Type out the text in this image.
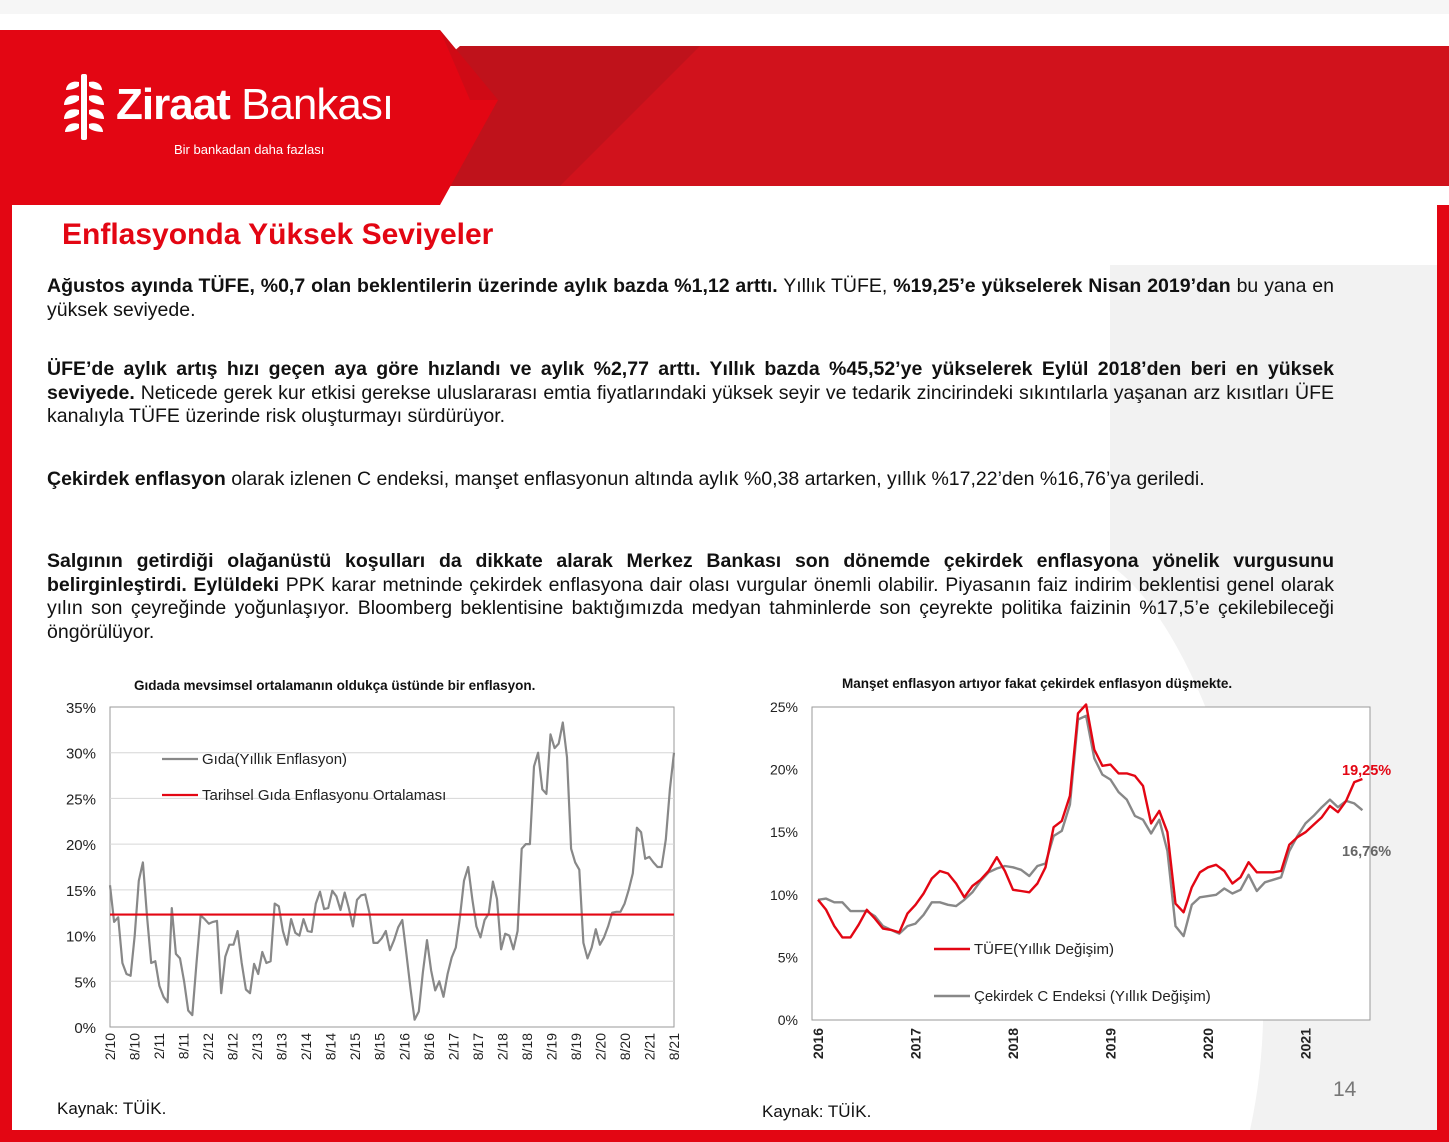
Ziraat Bankası
Bir bankadan daha fazlası
Enflasyonda Yüksek Seviyeler
Ağustos ayında TÜFE, %0,7 olan beklentilerin üzerinde aylık bazda %1,12 arttı. Yıllık TÜFE, %19,25’e yükselerek Nisan 2019’dan bu yana en yüksek seviyede.
ÜFE’de aylık artış hızı geçen aya göre hızlandı ve aylık %2,77 arttı. Yıllık bazda %45,52’ye yükselerek Eylül 2018’den beri en yüksek seviyede. Neticede gerek kur etkisi gerekse uluslararası emtia fiyatlarındaki yüksek seyir ve tedarik zincirindeki sıkıntılarla yaşanan arz kısıtları ÜFE kanalıyla TÜFE üzerinde risk oluşturmayı sürdürüyor.
Çekirdek enflasyon olarak izlenen C endeksi, manşet enflasyonun altında aylık %0,38 artarken, yıllık %17,22’den %16,76’ya geriledi.
Salgının getirdiği olağanüstü koşulları da dikkate alarak Merkez Bankası son dönemde çekirdek enflasyona yönelik vurgusunu belirginleştirdi. Eylüldeki PPK karar metninde çekirdek enflasyona dair olası vurgular önemli olabilir. Piyasanın faiz indirim beklentisi genel olarak yılın son çeyreğinde yoğunlaşıyor. Bloomberg beklentisine baktığımızda medyan tahminlerde son çeyrekte politika faizinin %17,5’e çekilebileceği öngörülüyor.
Gıdada mevsimsel ortalamanın oldukça üstünde bir enflasyon.	Manşet enflasyon artıyor fakat çekirdek enflasyon düşmekte.
0%
5%
10%
15%
20%
25%
30%
35%
2/10 8/10 2/11 8/11 2/12 8/12 2/13 8/13 2/14 8/14 2/15 8/15 2/16 8/16 2/17 8/17 2/18 8/18 2/19 8/19 2/20 8/20 2/21 8/21
Gıda(Yıllık Enflasyon)
Tarihsel Gıda Enflasyonu Ortalaması
0%
5%
10%
15%
20%
25%
2016	2017	2018	2019	2020	2021
19,25%
16,76%
TÜFE(Yıllık Değişim)
Çekirdek C Endeksi (Yıllık Değişim)
Kaynak: TÜİK.	Kaynak: TÜİK.
14
